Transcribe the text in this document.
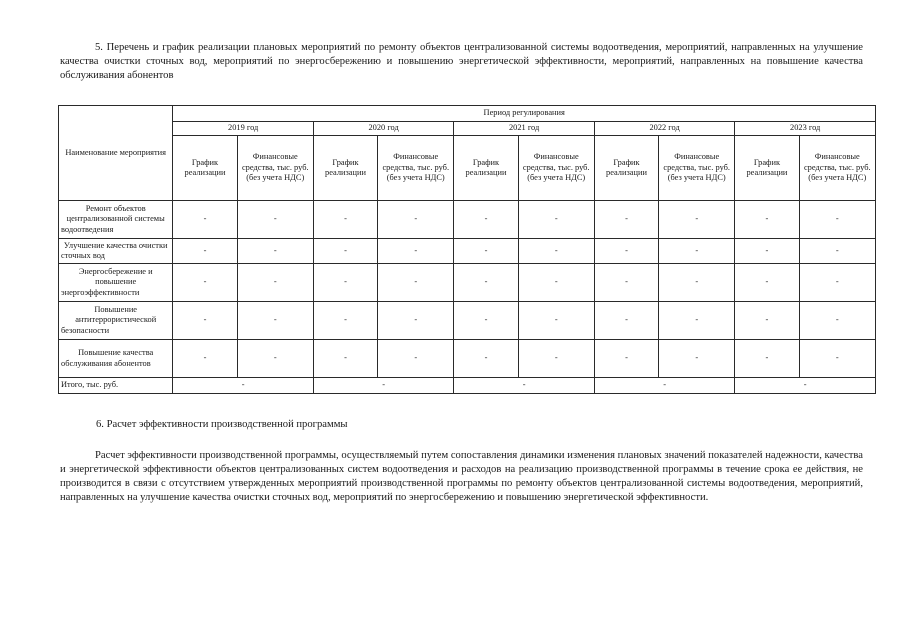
5. Перечень и график реализации плановых мероприятий по ремонту объектов централизованной системы водоотведения, мероприятий, направленных на улучшение качества очистки сточных вод, мероприятий по энергосбережению и повышению энергетической эффективности, мероприятий, направленных на повышение качества обслуживания абонентов

Наименование мероприятия	Период регулирования									
	2019 год		2020 год		2021 год		2022 год		2023 год	
	График реализации	Финансовые средства, тыс. руб. (без учета НДС)	График реализации	Финансовые средства, тыс. руб. (без учета НДС)	График реализации	Финансовые средства, тыс. руб. (без учета НДС)	График реализации	Финансовые средства, тыс. руб. (без учета НДС)	График реализации	Финансовые средства, тыс. руб. (без учета НДС)
Ремонт объектов централизованной системы водоотведения	-	-	-	-	-	-	-	-	-	-
Улучшение качества очистки сточных вод	-	-	-	-	-	-	-	-	-	-
Энергосбережение и повышение энергоэффективности	-	-	-	-	-	-	-	-	-	-
Повышение антитеррористической безопасности	-	-	-	-	-	-	-	-	-	-
Повышение качества обслуживания абонентов	-	-	-	-	-	-	-	-	-	-
Итого, тыс. руб.	-		-		-		-		-	

6. Расчет эффективности производственной программы

Расчет эффективности производственной программы, осуществляемый путем сопоставления динамики изменения плановых значений показателей надежности, качества и энергетической эффективности объектов централизованных систем водоотведения и расходов на реализацию производственной программы в течение срока ее действия, не производится в связи с отсутствием утвержденных мероприятий производственной программы по ремонту объектов централизованной системы водоотведения, мероприятий, направленных на улучшение качества очистки сточных вод, мероприятий по энергосбережению и повышению энергетической эффективности.
